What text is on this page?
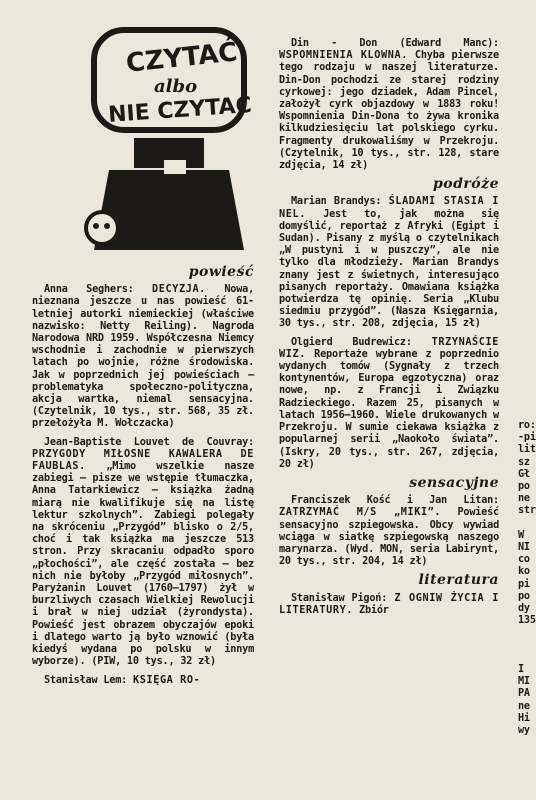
CZYTAĆ
albo
NIE CZYTAĆ
powieść

Anna Seghers: DECYZJA. Nowa, nieznana jeszcze u nas powieść 61-letniej autorki niemieckiej (właściwe nazwisko: Netty Reiling). Nagroda Narodowa NRD 1959. Współczesna Niemcy wschodnie i zachodnie w pierwszych latach po wojnie, różne środowiska. Jak w poprzednich jej powieściach — problematyka społeczno-polityczna, akcja wartka, niemal sensacyjna. (Czytelnik, 10 tys., str. 568, 35 zł. przełożyła M. Wołczacka)

Jean-Baptiste Louvet de Couvray: PRZYGODY MIŁOSNE KAWALERA DE FAUBLAS. „Mimo wszelkie nasze zabiegi — pisze we wstępie tłumaczka, Anna Tatarkiewicz — książka żadną miarą nie kwalifikuje się na listę lektur szkolnych”. Zabiegi polegały na skróceniu „Przygód” blisko o 2/5, choć i tak książka ma jeszcze 513 stron. Przy skracaniu odpadło sporo „płochości”, ale część została — bez nich nie byłoby „Przygód miłosnych”. Paryżanin Louvet (1760—1797) żył w burzliwych czasach Wielkiej Rewolucji i brał w niej udział (żyrondysta). Powieść jest obrazem obyczajów epoki i dlatego warto ją było wznowić (była kiedyś wydana po polsku w innym wyborze). (PIW, 10 tys., 32 zł)

Stanisław Lem: KSIĘGA RO-

Din - Don (Edward Manc): WSPOMNIENIA KLOWNA. Chyba pierwsze tego rodzaju w naszej literaturze. Din-Don pochodzi ze starej rodziny cyrkowej: jego dziadek, Adam Pincel, założył cyrk objazdowy w 1883 roku! Wspomnienia Din-Dona to żywa kronika kilkudziesięciu lat polskiego cyrku. Fragmenty drukowaliśmy w Przekroju. (Czytelnik, 10 tys., str. 128, stare zdjęcia, 14 zł)

podróże

Marian Brandys: ŚLADAMI STASIA I NEL. Jest to, jak można się domyślić, reportaż z Afryki (Egipt i Sudan). Pisany z myślą o czytelnikach „W pustyni i w puszczy”, ale nie tylko dla młodzieży. Marian Brandys znany jest z świetnych, interesująco pisanych reportaży. Omawiana książka potwierdza tę opinię. Seria „Klubu siedmiu przygód”. (Nasza Księgarnia, 30 tys., str. 208, zdjęcia, 15 zł)

Olgierd Budrewicz: TRZYNAŚCIE WIZ. Reportaże wybrane z poprzednio wydanych tomów (Sygnały z trzech kontynentów, Europa egzotyczna) oraz nowe, np. z Francji i Związku Radzieckiego. Razem 25, pisanych w latach 1956—1960. Wiele drukowanych w Przekroju. W sumie ciekawa książka z popularnej serii „Naokoło świata”. (Iskry, 20 tys., str. 267, zdjęcia, 20 zł)

sensacyjne

Franciszek Kość i Jan Litan: ZATRZYMAĆ M/S „MIKI”. Powieść sensacyjno szpiegowska. Obcy wywiad wciąga w siatkę szpiegowską naszego marynarza. (Wyd. MON, seria Labirynt, 20 tys., str. 204, 14 zł)

literatura

Stanisław Pigoń: Z OGNIW ŻYCIA I LITERATURY. Zbiór

ro:
-pi
lit
sz
Gł
po
ne
str

W
NI
co
ko
pi
po
dy
135

I
MI
PA
ne
Hi
wy
